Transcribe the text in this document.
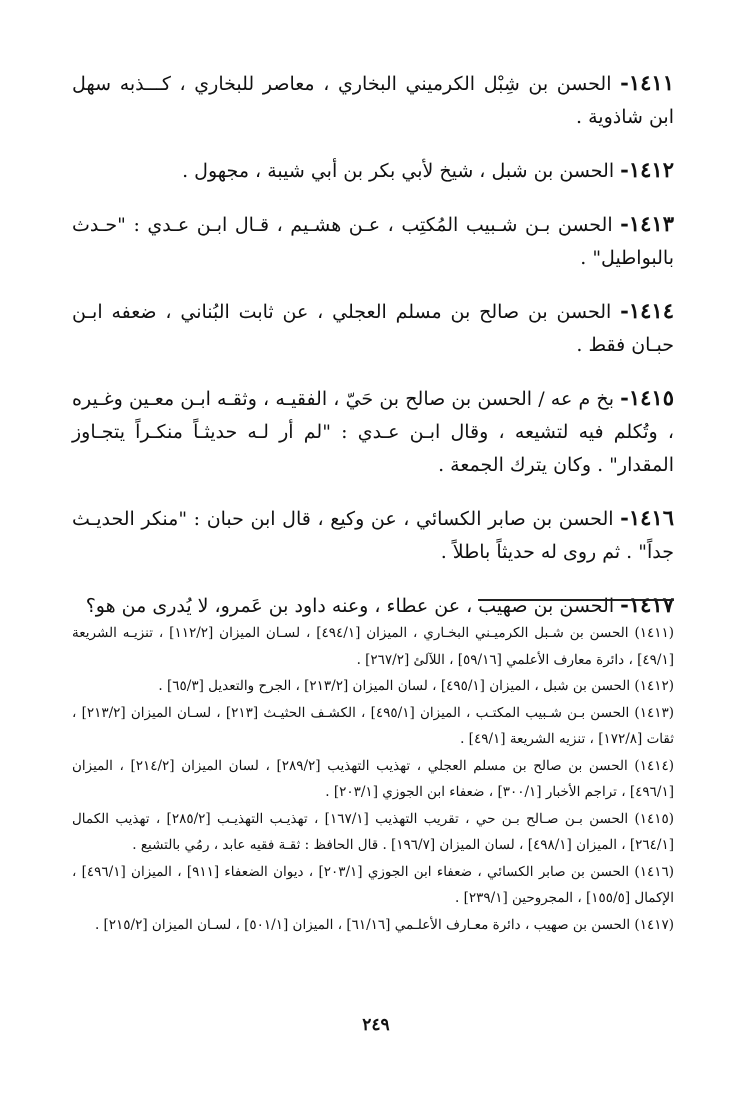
١٤١١- الحسن بن شِبْل الكرميني البخاري ، معاصر للبخاري ، كـــذبه سهل ابن شاذوية .

١٤١٢- الحسن بن شبل ، شيخ لأبي بكر بن أبي شيبة ، مجهول .

١٤١٣- الحسن بـن شـبيب المُكتِب ، عـن هشـيم ، قـال ابـن عـدي : "حـدث بالبواطيل" .

١٤١٤- الحسن بن صالح بن مسلم العجلي ، عن ثابت البُناني ، ضعفه ابـن حبـان فقط .

١٤١٥- بخ م عه / الحسن بن صالح بن حَيّ ، الفقيـه ، وثقـه ابـن معـين وغـيره ، وتُكلم فيه لتشيعه ، وقال ابـن عـدي : "لم أر لـه حديثـاً منكـراً يتجـاوز المقدار" . وكان يترك الجمعة .

١٤١٦- الحسن بن صابر الكسائي ، عن وكيع ، قال ابن حبان : "منكر الحديـث جداً" . ثم روى له حديثاً باطلاً .

١٤١٧- الحسن بن صهيب ، عن عطاء ، وعنه داود بن عَمرو، لا يُدرى من هو؟

(١٤١١) الحسن بن شـبل الكرميـني البخـاري ، الميزان [٤٩٤/١] ، لسـان الميزان [١١٢/٢] ، تنزيـه الشريعة [٤٩/١] ، دائرة معارف الأعلمي [٥٩/١٦] ، اللآلئ [٢٦٧/٢] .

(١٤١٢) الحسن بن شبل ، الميزان [٤٩٥/١] ، لسان الميزان [٢١٣/٢] ، الجرح والتعديل [٦٥/٣] .

(١٤١٣) الحسن بـن شـبيب المكتـب ، الميزان [٤٩٥/١] ، الكشـف الحثيـث [٢١٣] ، لسـان الميزان [٢١٣/٢] ، ثقات [١٧٢/٨] ، تنزيه الشريعة [٤٩/١] .

(١٤١٤) الحسن بن صالح بن مسلم العجلي ، تهذيب التهذيب [٢٨٩/٢] ، لسان الميزان [٢١٤/٢] ، الميزان [٤٩٦/١] ، تراجم الأخبار [٣٠٠/١] ، ضعفاء ابن الجوزي [٢٠٣/١] .

(١٤١٥) الحسن بـن صـالح بـن حي ، تقريب التهذيب [١٦٧/١] ، تهذيـب التهذيـب [٢٨٥/٢] ، تهذيب الكمال [٢٦٤/١] ، الميزان [٤٩٨/١] ، لسان الميزان [١٩٦/٧] . قال الحافظ : ثقـة فقيه عابد ، رمُي بالتشيع .

(١٤١٦) الحسن بن صابر الكسائي ، ضعفاء ابن الجوزي [٢٠٣/١] ، ديوان الضعفاء [٩١١] ، الميزان [٤٩٦/١] ، الإكمال [١٥٥/٥] ، المجروحين [٢٣٩/١] .

(١٤١٧) الحسن بن صهيب ، دائرة معـارف الأعلـمي [٦١/١٦] ، الميزان [٥٠١/١] ، لسـان الميزان [٢١٥/٢] .

٢٤٩
